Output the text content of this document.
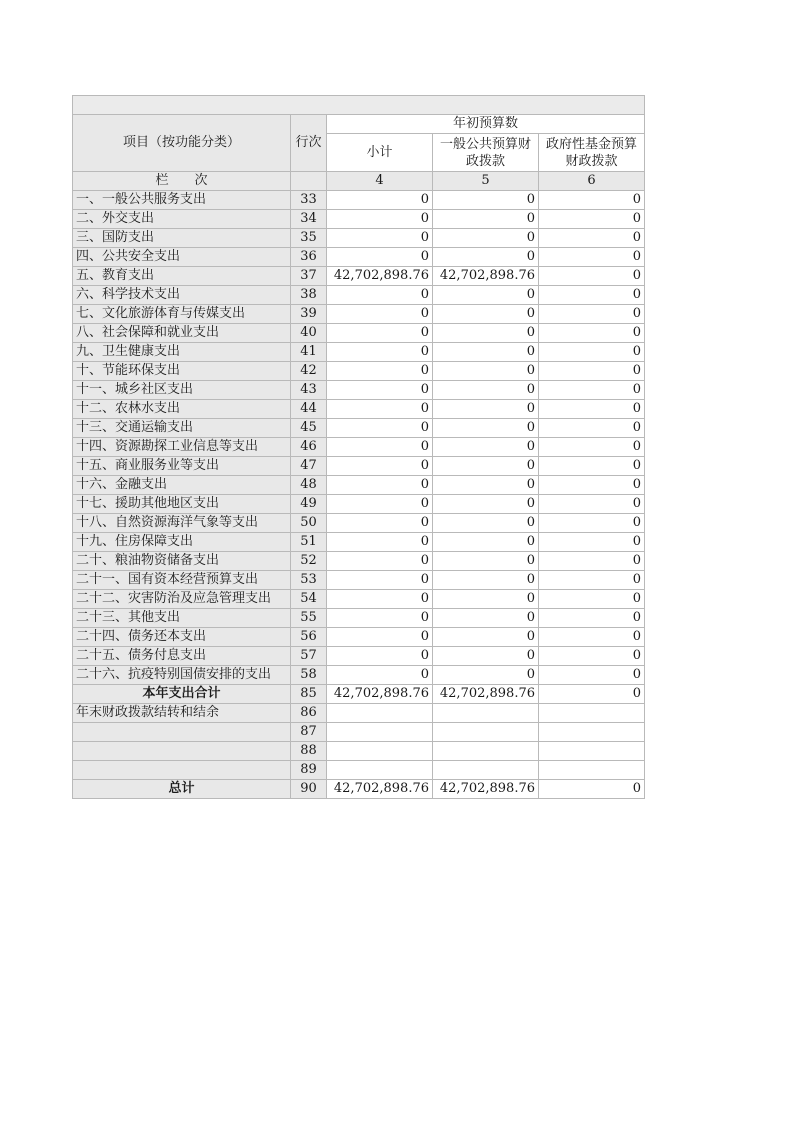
项目（按功能分类）	行次	年初预算数		
		小计	一般公共预算财政拨款	政府性基金预算财政拨款

栏　　次		4	5	6
一、一般公共服务支出	33	0	0	0
二、外交支出	34	0	0	0
三、国防支出	35	0	0	0
四、公共安全支出	36	0	0	0
五、教育支出	37	42,702,898.76	42,702,898.76	0
六、科学技术支出	38	0	0	0
七、文化旅游体育与传媒支出	39	0	0	0
八、社会保障和就业支出	40	0	0	0
九、卫生健康支出	41	0	0	0
十、节能环保支出	42	0	0	0
十一、城乡社区支出	43	0	0	0
十二、农林水支出	44	0	0	0
十三、交通运输支出	45	0	0	0
十四、资源勘探工业信息等支出	46	0	0	0
十五、商业服务业等支出	47	0	0	0
十六、金融支出	48	0	0	0
十七、援助其他地区支出	49	0	0	0
十八、自然资源海洋气象等支出	50	0	0	0
十九、住房保障支出	51	0	0	0
二十、粮油物资储备支出	52	0	0	0
二十一、国有资本经营预算支出	53	0	0	0
二十二、灾害防治及应急管理支出	54	0	0	0
二十三、其他支出	55	0	0	0
二十四、债务还本支出	56	0	0	0
二十五、债务付息支出	57	0	0	0
二十六、抗疫特别国债安排的支出	58	0	0	0
本年支出合计	85	42,702,898.76	42,702,898.76	0
年末财政拨款结转和结余	86			
	87			
	88			
	89			
总计	90	42,702,898.76	42,702,898.76	0
